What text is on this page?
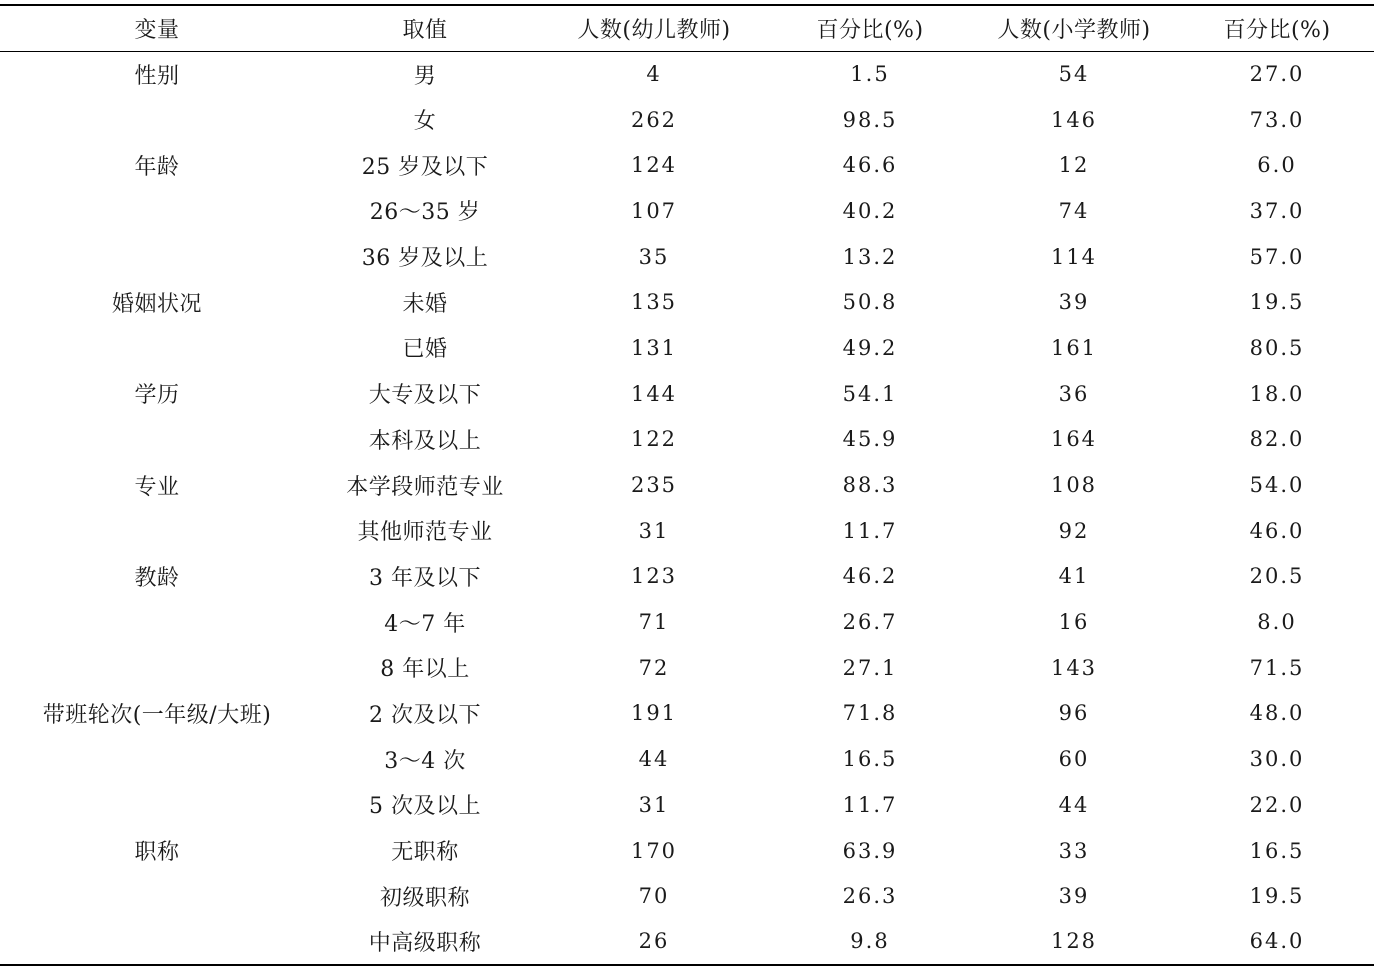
变量	取值	人数(幼儿教师)	百分比(%)	人数(小学教师)	百分比(%)
性别	男	4	1.5	54	27.0
	女	262	98.5	146	73.0
年龄	25 岁及以下	124	46.6	12	6.0
	26～35 岁	107	40.2	74	37.0
	36 岁及以上	35	13.2	114	57.0
婚姻状况	未婚	135	50.8	39	19.5
	已婚	131	49.2	161	80.5
学历	大专及以下	144	54.1	36	18.0
	本科及以上	122	45.9	164	82.0
专业	本学段师范专业	235	88.3	108	54.0
	其他师范专业	31	11.7	92	46.0
教龄	3 年及以下	123	46.2	41	20.5
	4～7 年	71	26.7	16	8.0
	8 年以上	72	27.1	143	71.5
带班轮次(一年级/大班)	2 次及以下	191	71.8	96	48.0
	3～4 次	44	16.5	60	30.0
	5 次及以上	31	11.7	44	22.0
职称	无职称	170	63.9	33	16.5
	初级职称	70	26.3	39	19.5
	中高级职称	26	9.8	128	64.0
